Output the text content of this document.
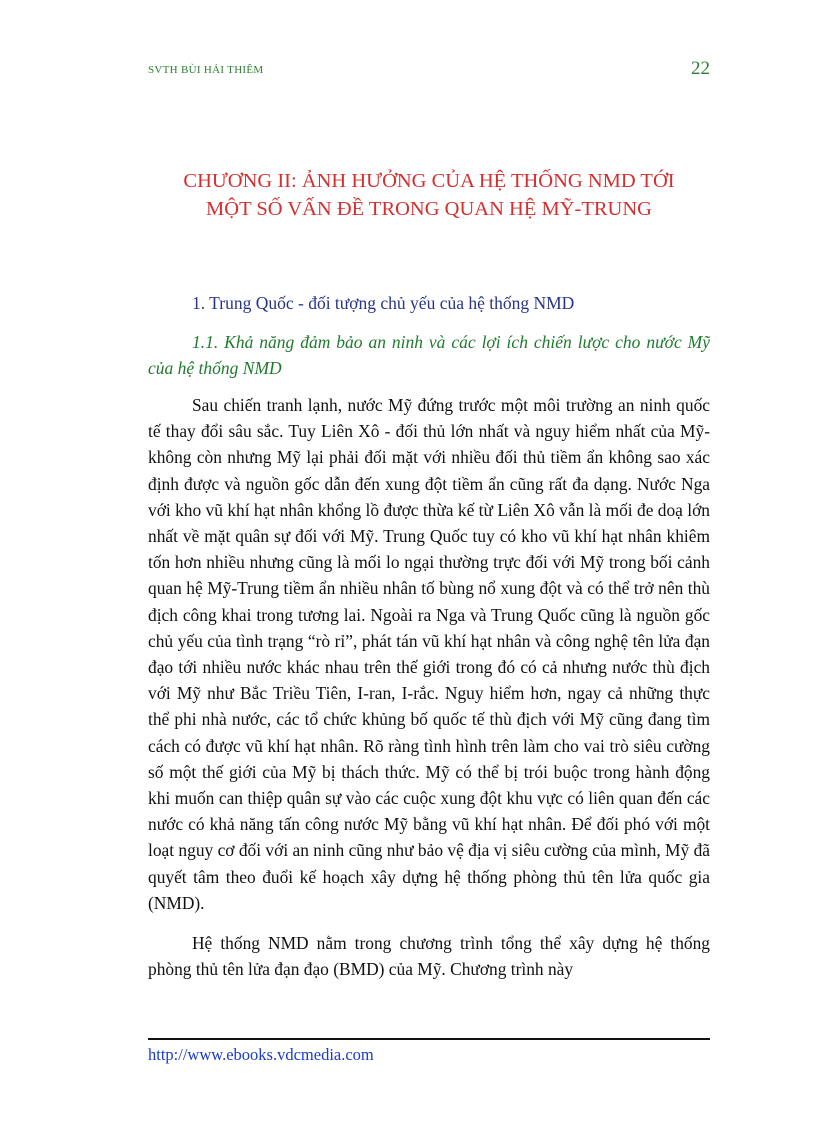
SVTH BÙI HẢI THIÊM	22
CHƯƠNG II: ẢNH HƯỞNG CỦA HỆ THỐNG NMD TỚI
MỘT SỐ VẤN ĐỀ TRONG QUAN HỆ MỸ-TRUNG
1. Trung Quốc - đối tượng chủ yếu của hệ thống NMD
1.1. Khả năng đảm bảo an ninh và các lợi ích chiến lược cho nước Mỹ của hệ thống NMD

Sau chiến tranh lạnh, nước Mỹ đứng trước một môi trường an ninh quốc tế thay đổi sâu sắc. Tuy Liên Xô - đối thủ lớn nhất và nguy hiểm nhất của Mỹ- không còn nhưng Mỹ lại phải đối mặt với nhiều đối thủ tiềm ẩn không sao xác định được và nguồn gốc dẫn đến xung đột tiềm ẩn cũng rất đa dạng. Nước Nga với kho vũ khí hạt nhân khổng lồ được thừa kế từ Liên Xô vẫn là mối đe doạ lớn nhất về mặt quân sự đối với Mỹ. Trung Quốc tuy có kho vũ khí hạt nhân khiêm tốn hơn nhiều nhưng cũng là mối lo ngại thường trực đối với Mỹ trong bối cảnh quan hệ Mỹ-Trung tiềm ẩn nhiều nhân tố bùng nổ xung đột và có thể trở nên thù địch công khai trong tương lai. Ngoài ra Nga và Trung Quốc cũng là nguồn gốc chủ yếu của tình trạng “rò rỉ”, phát tán vũ khí hạt nhân và công nghệ tên lửa đạn đạo tới nhiều nước khác nhau trên thế giới trong đó có cả nhưng nước thù địch với Mỹ như Bắc Triều Tiên, I-ran, I-rắc. Nguy hiểm hơn, ngay cả những thực thể phi nhà nước, các tổ chức khủng bố quốc tế thù địch với Mỹ cũng đang tìm cách có được vũ khí hạt nhân. Rõ ràng tình hình trên làm cho vai trò siêu cường số một thế giới của Mỹ bị thách thức. Mỹ có thể bị trói buộc trong hành động khi muốn can thiệp quân sự vào các cuộc xung đột khu vực có liên quan đến các nước có khả năng tấn công nước Mỹ bằng vũ khí hạt nhân. Để đối phó với một loạt nguy cơ đối với an ninh cũng như bảo vệ địa vị siêu cường của mình, Mỹ đã quyết tâm theo đuổi kế hoạch xây dựng hệ thống phòng thủ tên lửa quốc gia (NMD).

Hệ thống NMD nằm trong chương trình tổng thể xây dựng hệ thống phòng thủ tên lửa đạn đạo (BMD) của Mỹ. Chương trình này

http://www.ebooks.vdcmedia.com
